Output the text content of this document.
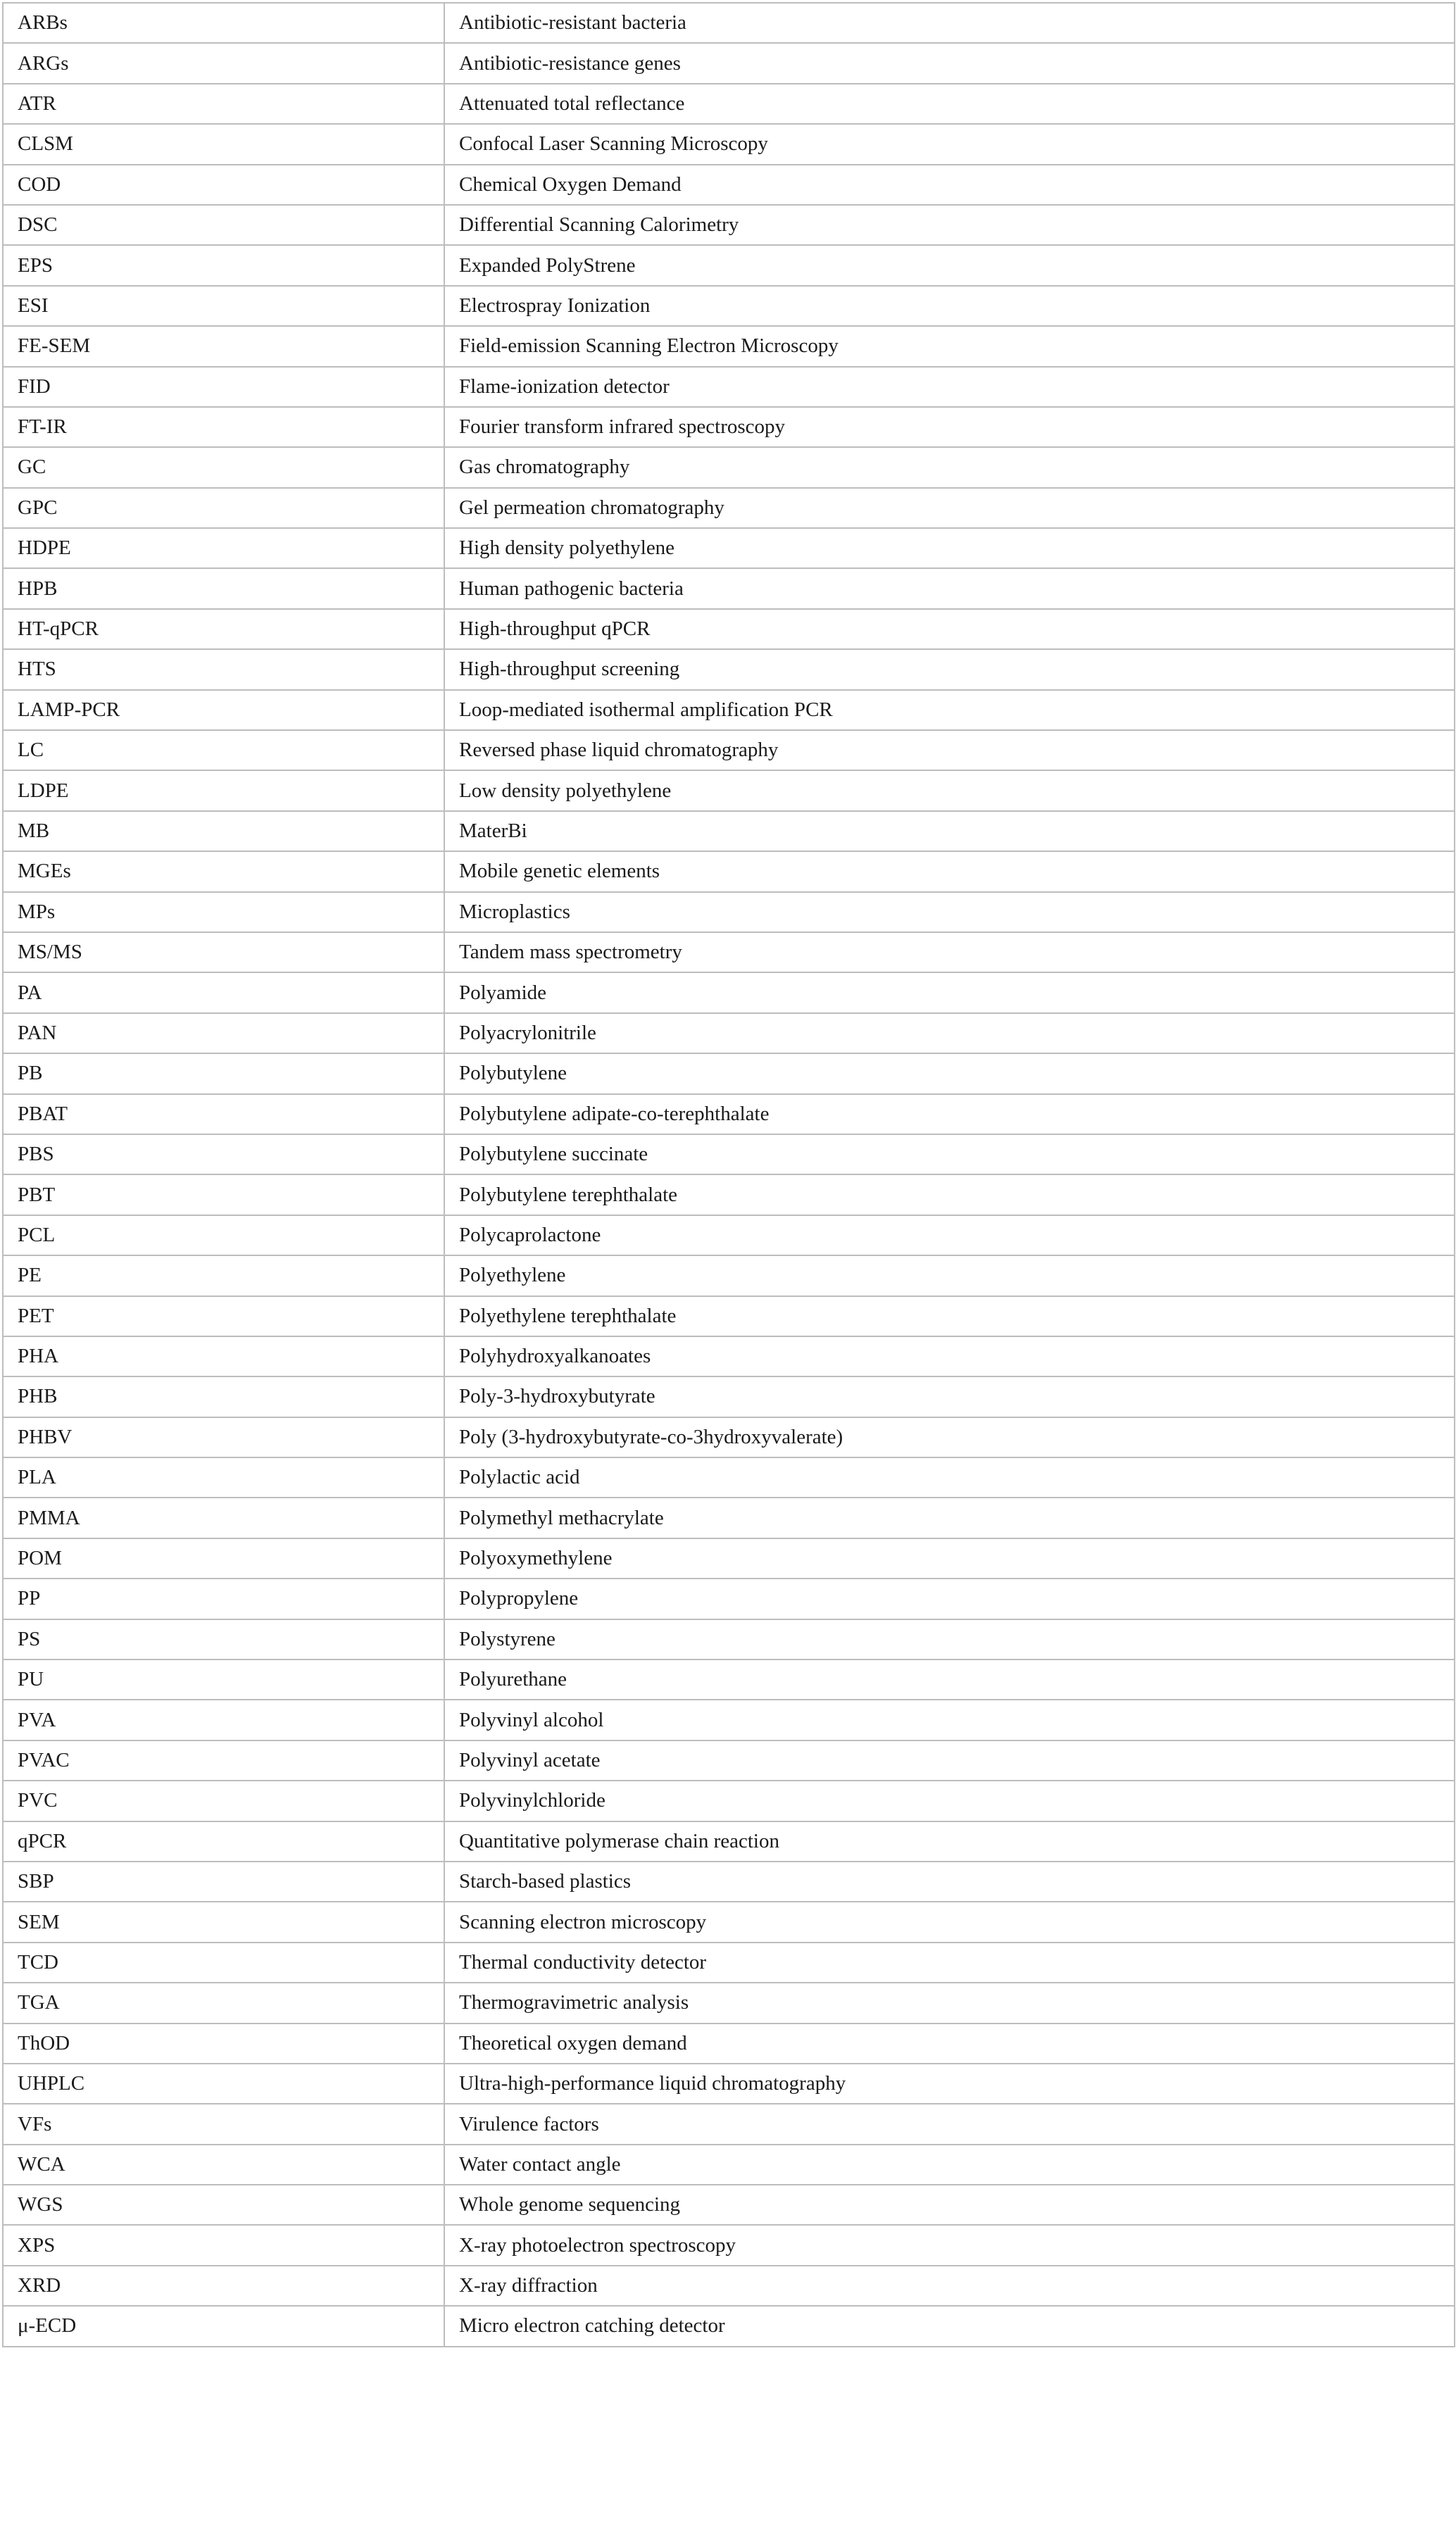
ARBs	Antibiotic-resistant bacteria
ARGs	Antibiotic-resistance genes
ATR	Attenuated total reflectance
CLSM	Confocal Laser Scanning Microscopy
COD	Chemical Oxygen Demand
DSC	Differential Scanning Calorimetry
EPS	Expanded PolyStrene
ESI	Electrospray Ionization
FE-SEM	Field-emission Scanning Electron Microscopy
FID	Flame-ionization detector
FT-IR	Fourier transform infrared spectroscopy
GC	Gas chromatography
GPC	Gel permeation chromatography
HDPE	High density polyethylene
HPB	Human pathogenic bacteria
HT-qPCR	High-throughput qPCR
HTS	High-throughput screening
LAMP-PCR	Loop-mediated isothermal amplification PCR
LC	Reversed phase liquid chromatography
LDPE	Low density polyethylene
MB	MaterBi
MGEs	Mobile genetic elements
MPs	Microplastics
MS/MS	Tandem mass spectrometry
PA	Polyamide
PAN	Polyacrylonitrile
PB	Polybutylene
PBAT	Polybutylene adipate-co-terephthalate
PBS	Polybutylene succinate
PBT	Polybutylene terephthalate
PCL	Polycaprolactone
PE	Polyethylene
PET	Polyethylene terephthalate
PHA	Polyhydroxyalkanoates
PHB	Poly-3-hydroxybutyrate
PHBV	Poly (3-hydroxybutyrate-co-3hydroxyvalerate)
PLA	Polylactic acid
PMMA	Polymethyl methacrylate
POM	Polyoxymethylene
PP	Polypropylene
PS	Polystyrene
PU	Polyurethane
PVA	Polyvinyl alcohol
PVAC	Polyvinyl acetate
PVC	Polyvinylchloride
qPCR	Quantitative polymerase chain reaction
SBP	Starch-based plastics
SEM	Scanning electron microscopy
TCD	Thermal conductivity detector
TGA	Thermogravimetric analysis
ThOD	Theoretical oxygen demand
UHPLC	Ultra-high-performance liquid chromatography
VFs	Virulence factors
WCA	Water contact angle
WGS	Whole genome sequencing
XPS	X-ray photoelectron spectroscopy
XRD	X-ray diffraction
μ-ECD	Micro electron catching detector
